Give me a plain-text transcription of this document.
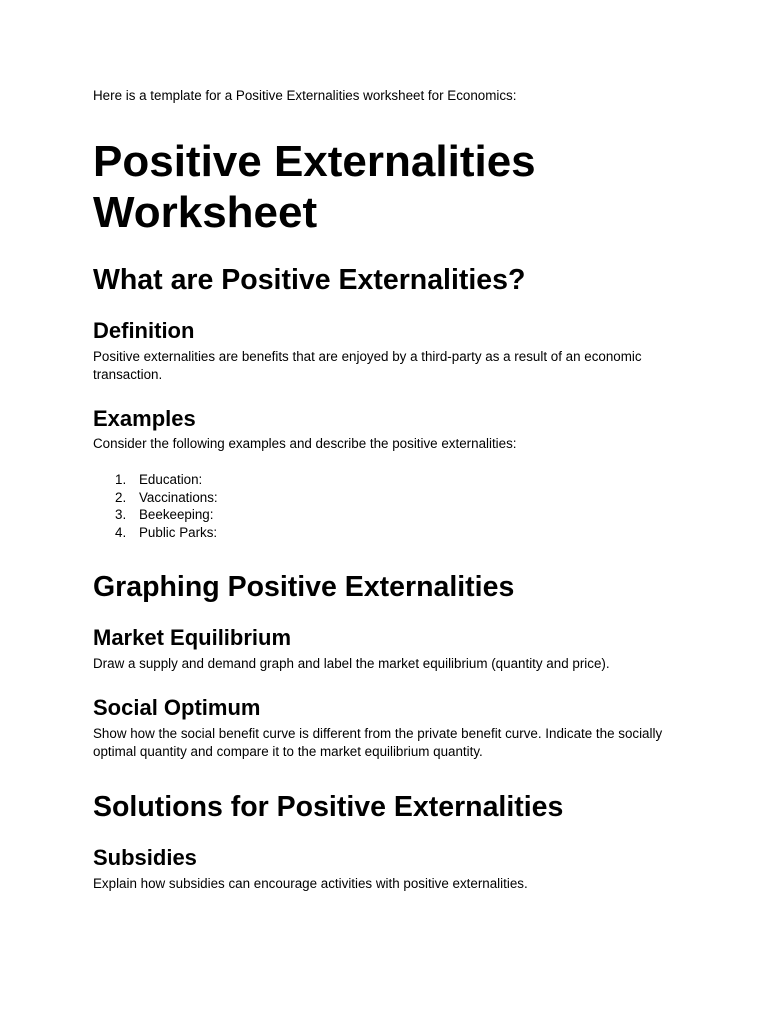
Here is a template for a Positive Externalities worksheet for Economics:

Positive Externalities
Worksheet
What are Positive Externalities?
Definition

Positive externalities are benefits that are enjoyed by a third-party as a result of an economic transaction.

Examples

Consider the following examples and describe the positive externalities:

1. Education:
2. Vaccinations:
3. Beekeeping:
4. Public Parks:
Graphing Positive Externalities
Market Equilibrium

Draw a supply and demand graph and label the market equilibrium (quantity and price).

Social Optimum

Show how the social benefit curve is different from the private benefit curve. Indicate the socially optimal quantity and compare it to the market equilibrium quantity.

Solutions for Positive Externalities
Subsidies

Explain how subsidies can encourage activities with positive externalities.
